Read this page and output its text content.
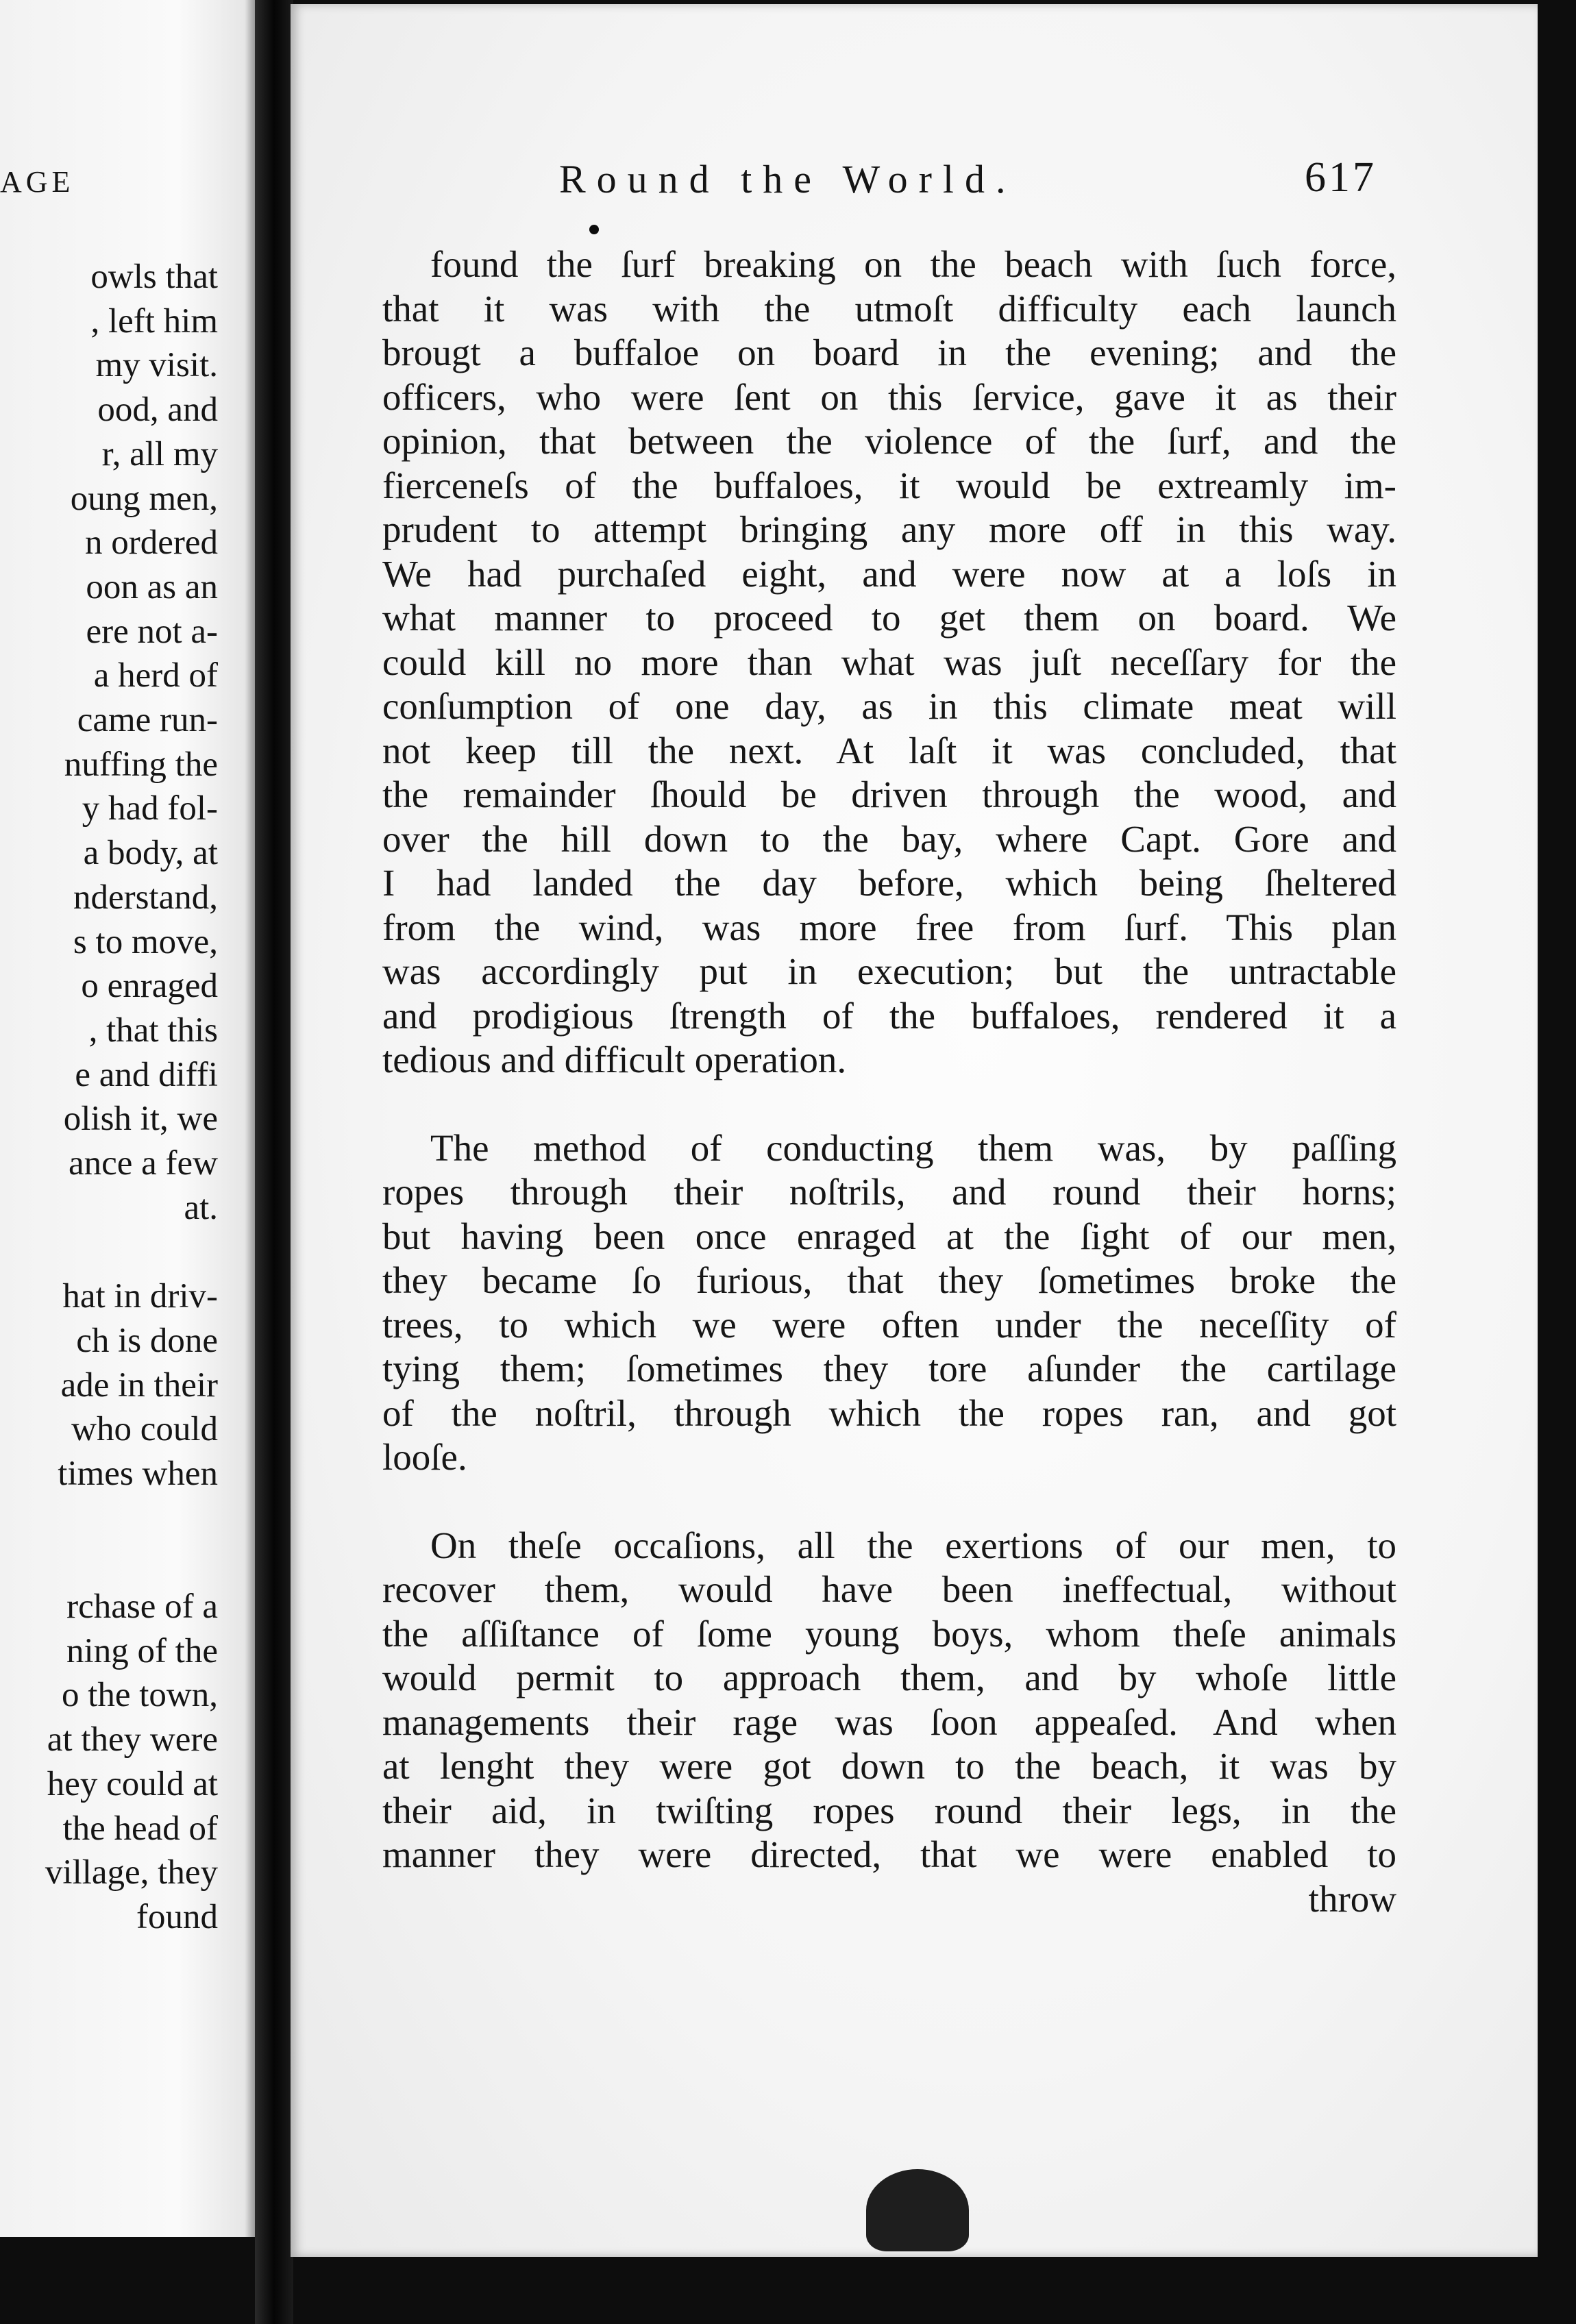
AGE
owls that
, left him
my visit.
ood, and
r, all my
oung men,
n ordered
oon as an
ere not a-
a herd of
came run-
nuffing the
y had fol-
a body, at
nderstand,
s to move,
o enraged
, that this
e and diffi
olish it, we
ance a few
at.
hat in driv-
ch is done
ade in their
who could
times when
rchase of a
ning of the
o the town,
at they were
hey could at
the head of
village, they
found
Round the World.	617
found the ſurf breaking on the beach with ſuch force,
that it was with the utmoſt difficulty each launch
brougt a buffaloe on board in the evening; and the
officers, who were ſent on this ſervice, gave it as their
opinion, that between the violence of the ſurf, and the
fierceneſs of the buffaloes, it would be extreamly im-
prudent to attempt bringing any more off in this way.
We had purchaſed eight, and were now at a loſs in
what manner to proceed to get them on board. We
could kill no more than what was juſt neceſſary for the
conſumption of one day, as in this climate meat will
not keep till the next. At laſt it was concluded, that
the remainder ſhould be driven through the wood, and
over the hill down to the bay, where Capt. Gore and
I had landed the day before, which being ſheltered
from the wind, was more free from ſurf. This plan
was accordingly put in execution; but the untractable
and prodigious ſtrength of the buffaloes, rendered it a
tedious and difficult operation.
The method of conducting them was, by paſſing
ropes through their noſtrils, and round their horns;
but having been once enraged at the ſight of our men,
they became ſo furious, that they ſometimes broke the
trees, to which we were often under the neceſſity of
tying them; ſometimes they tore aſunder the cartilage
of the noſtril, through which the ropes ran, and got
looſe.
On theſe occaſions, all the exertions of our men, to
recover them, would have been ineffectual, without
the aſſiſtance of ſome young boys, whom theſe animals
would permit to approach them, and by whoſe little
managements their rage was ſoon appeaſed. And when
at lenght they were got down to the beach, it was by
their aid, in twiſting ropes round their legs, in the
manner they were directed, that we were enabled to
throw
